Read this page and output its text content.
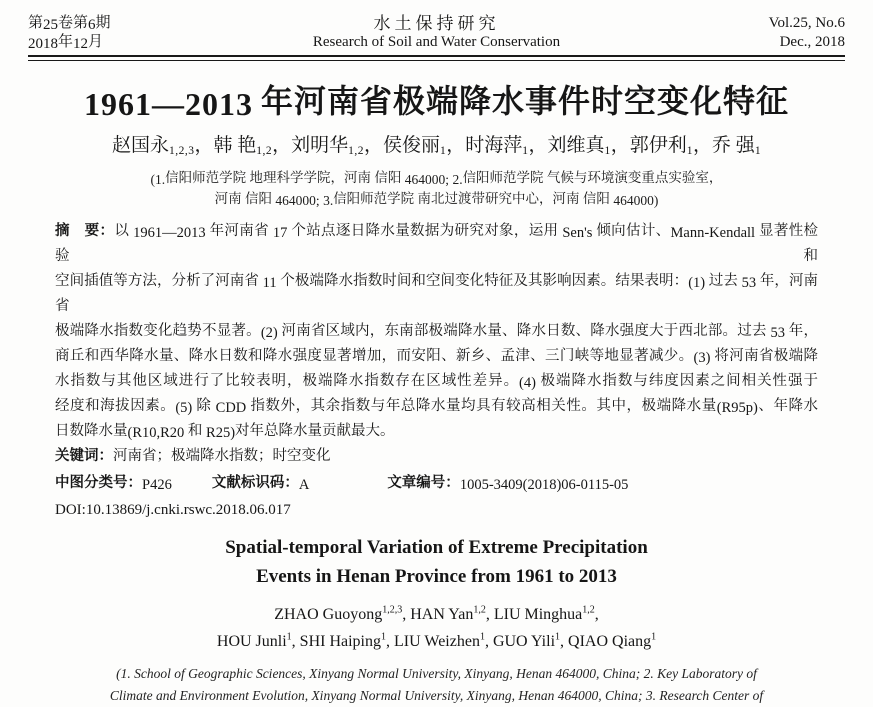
第25卷第6期
2018年12月
水土保持研究
Research of Soil and Water Conservation
Vol.25, No.6
Dec., 2018
1961—2013 年河南省极端降水事件时空变化特征
赵国永1,2,3，韩 艳1,2，刘明华1,2，侯俊丽1，时海萍1，刘维真1，郭伊利1，乔 强1
(1.信阳师范学院 地理科学学院，河南 信阳 464000; 2.信阳师范学院 气候与环境演变重点实验室，
河南 信阳 464000; 3.信阳师范学院 南北过渡带研究中心，河南 信阳 464000)
摘　要：以 1961—2013 年河南省 17 个站点逐日降水量数据为研究对象，运用 Sen's 倾向估计、Mann-Kendall 显著性检验和
空间插值等方法，分析了河南省 11 个极端降水指数时间和空间变化特征及其影响因素。结果表明：(1) 过去 53 年，河南省
极端降水指数变化趋势不显著。(2) 河南省区域内，东南部极端降水量、降水日数、降水强度大于西北部。过去 53 年，
商丘和西华降水量、降水日数和降水强度显著增加，而安阳、新乡、孟津、三门峡等地显著减少。(3) 将河南省极端降
水指数与其他区域进行了比较表明，极端降水指数存在区域性差异。(4) 极端降水指数与纬度因素之间相关性强于
经度和海拔因素。(5) 除 CDD 指数外，其余指数与年总降水量均具有较高相关性。其中，极端降水量(R95p)、年降水
日数降水量(R10,R20 和 R25)对年总降水量贡献最大。
关键词：河南省；极端降水指数；时空变化
中图分类号：P426	文献标识码：A	文章编号：1005-3409(2018)06-0115-05
DOI:10.13869/j.cnki.rswc.2018.06.017
Spatial-temporal Variation of Extreme Precipitation
Events in Henan Province from 1961 to 2013
ZHAO Guoyong$^{1,2,3}$, HAN Yan$^{1,2}$, LIU Minghua$^{1,2}$,
HOU Junli$^1$, SHI Haiping$^1$, LIU Weizhen$^1$, GUO Yili$^1$, QIAO Qiang$^1$
(1. School of Geographic Sciences, Xinyang Normal University, Xinyang, Henan 464000, China; 2. Key Laboratory of
Climate and Environment Evolution, Xinyang Normal University, Xinyang, Henan 464000, China; 3. Research Center of
